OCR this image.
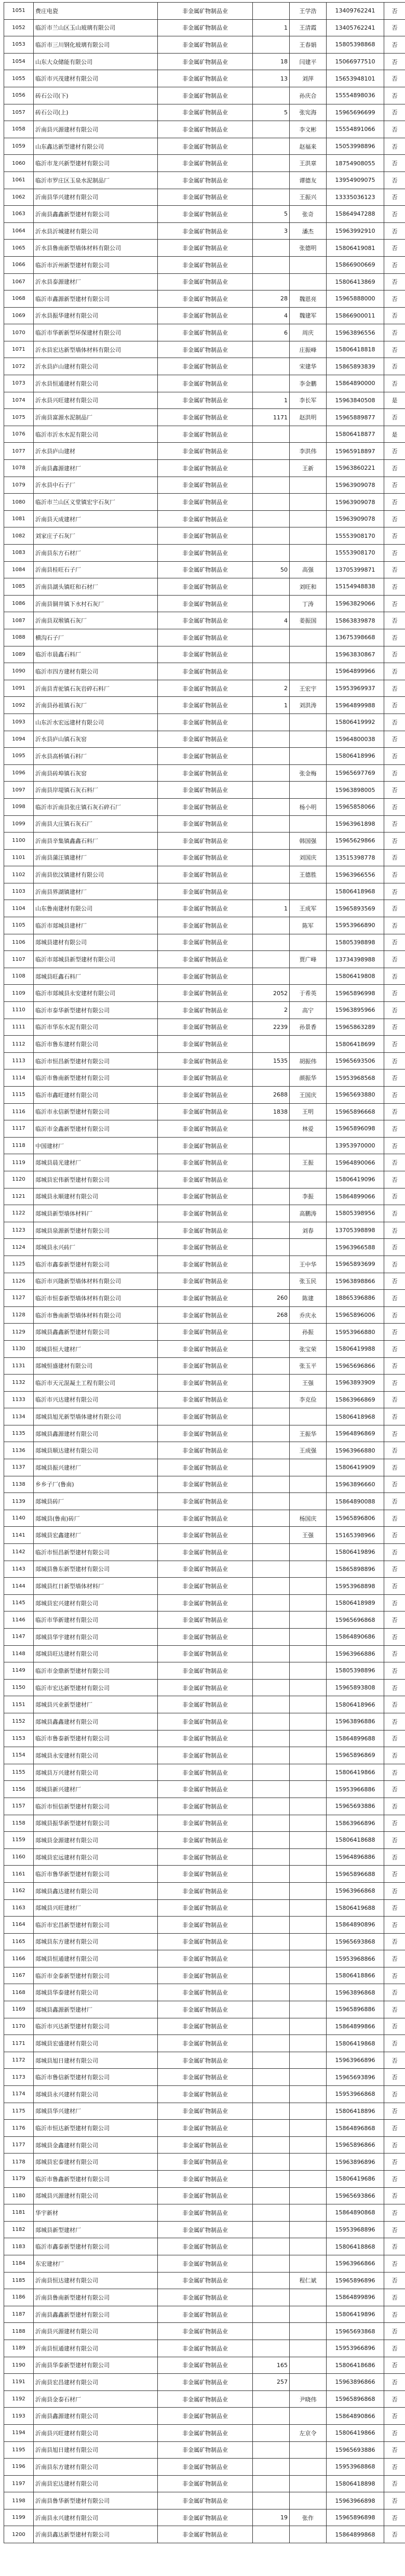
1051	费庄电瓷	非金属矿物制品业		王学浩	13409762241	否
1052	临沂市兰山区玉山玻璃有限公司	非金属矿物制品业	1	王清霞	13405762241	否
1053	临沂市三川钢化玻璃有限公司	非金属矿物制品业		王春娟	15805398868	否
1054	山东大众储能有限公司	非金属矿物制品业	18	闫建平	15066977510	否
1055	临沂市兴茂建材有限公司	非金属矿物制品业	13	刘萍	15653948101	否
1056	砖石公司(下)	非金属矿物制品业		孙庆合	15554898036	否
1057	砖石公司(上)	非金属矿物制品业	5	张宪海	15965696699	否
1058	沂南县兴源建材有限公司	非金属矿物制品业		李文彬	15554891066	否
1059	山东鑫达新型建材有限公司	非金属矿物制品业		赵福来	15053998896	否
1060	临沂市龙兴新型建材有限公司	非金属矿物制品业		王洪章	18754908055	否
1061	临沂市罗庄区玉泉水泥制品厂	非金属矿物制品业		谭德友	13954909075	否
1062	沂南县华兴建材有限公司	非金属矿物制品业		王振兴	13335036123	否
1063	沂南县鑫鑫新型建材有限公司	非金属矿物制品业	5	张奇	15864947288	否
1064	沂水县沂城建材有限公司	非金属矿物制品业	3	潘杰	15963992910	否
1065	沂水县鲁南新型墙体材料有限公司	非金属矿物制品业		张德明	15806419081	否
1066	临沂市沂州新型建材有限公司	非金属矿物制品业			15866900669	否
1067	沂水县泰源建材厂	非金属矿物制品业			15806413869	否
1068	临沂市鑫源新型建材有限公司	非金属矿物制品业	28	魏恩亮	15965888000	否
1069	沂水县振华建材有限公司	非金属矿物制品业	4	魏建军	15866900011	否
1070	临沂市华新新型环保建材有限公司	非金属矿物制品业	6	周庆	15963896556	否
1071	沂水县宏达新型墙体材料有限公司	非金属矿物制品业		庄振峰	15806418818	否
1072	沂水县庐山建材有限公司	非金属矿物制品业		宋建华	15865893839	否
1073	沂水县恒通建材有限公司	非金属矿物制品业		李金鹏	15864890000	否
1074	沂水县兴旺建材有限公司	非金属矿物制品业	1	李长军	15963840508	是
1075	沂南县富源水泥制品厂	非金属矿物制品业	1171	赵洪明	15965889877	否
1076	临沂市沂水水泥有限公司	非金属矿物制品业			15806418877	是
1077	沂水县庐山建材	非金属矿物制品业		李洪伟	15965918897	否
1078	沂南县鑫源建材厂	非金属矿物制品业		王新	15963860221	否
1079	沂水县中石子厂	非金属矿物制品业			15963909078	否
1080	临沂市兰山区义堂镇宏宇石灰厂	非金属矿物制品业			15963909078	否
1081	沂南县天成建材厂	非金属矿物制品业			15963909078	否
1082	刘家庄子石灰厂	非金属矿物制品业			15553908170	否
1083	沂南县东方石材厂	非金属矿物制品业			15553908170	否
1084	沂南县桂旺石子厂	非金属矿物制品业	50	高强	13705399871	否
1085	沂南县湖头镇旺和石材厂	非金属矿物制品业		刘旺和	15154948838	否
1086	沂南县铜井镇下水村石灰厂	非金属矿物制品业		丁涛	15963829066	否
1087	沂南县双堠镇石灰厂	非金属矿物制品业	4	姜振国	15863839878	否
1088	横沟石子厂	非金属矿物制品业			13675398668	否
1089	临沂市晨鑫石料厂	非金属矿物制品业			15963830867	否
1090	临沂市四方建材有限公司	非金属矿物制品业			15964899966	否
1091	沂南县青驼镇石灰岩碎石料厂	非金属矿物制品业	2	王宏宇	15953969937	否
1092	沂南县孙祖镇石灰厂	非金属矿物制品业	1	刘洪涛	15964899988	否
1093	山东沂水宏远建材有限公司	非金属矿物制品业			15806419992	否
1094	沂水县庐山镇石灰窑	非金属矿物制品业			15964800038	否
1095	沂水县高桥镇石料厂	非金属矿物制品业			15806418996	否
1096	沂南县砖埠镇石灰窑	非金属矿物制品业		张金梅	15965697769	否
1097	沂南县岸堤镇石灰石料厂	非金属矿物制品业			15963898005	否
1098	临沂市沂南县张庄镇石灰石碎石厂	非金属矿物制品业		杨小明	15965858066	否
1099	沂南县大庄镇石灰石厂	非金属矿物制品业			15963961898	否
1100	沂南县辛集镇鑫鑫石料厂	非金属矿物制品业		韩国强	15965629866	否
1101	沂南县蒲汪镇建材厂	非金属矿物制品业		刘国庆	13515398778	否
1102	沂南县依汶镇建材有限公司	非金属矿物制品业		王德胜	15963966556	否
1103	沂南县界湖镇建材厂	非金属矿物制品业			15806418968	否
1104	山东鲁南建材有限公司	非金属矿物制品业	1	王成军	15965893569	否
1105	临沂市郯城县建材厂	非金属矿物制品业		陈军	15953966890	否
1106	郯城县建材有限公司	非金属矿物制品业			15805398898	否
1107	临沂市郯城县新型建材有限公司	非金属矿物制品业		贾广峰	13734398988	否
1108	郯城县旺鑫石料厂	非金属矿物制品业			15806419808	否
1109	临沂市郯城县永安建材有限公司	非金属矿物制品业	2052	于希英	15965896998	否
1110	临沂市泰华新型建材有限公司	非金属矿物制品业	2	高宁	15963895966	否
1111	临沂市华东水泥有限公司	非金属矿物制品业	2239	孙景香	15965863289	否
1112	临沂市鲁东建材有限公司	非金属矿物制品业			15806418699	否
1113	临沂市恒昌新型建材有限公司	非金属矿物制品业	1535	胡振伟	15965693506	否
1114	临沂市鲁南新型建材有限公司	非金属矿物制品业		颜振华	15953968568	否
1115	临沂市鑫旺建材有限公司	非金属矿物制品业	2688	王国庆	15965693880	否
1116	临沂市永信新型建材有限公司	非金属矿物制品业	1838	王明	15965896668	否
1117	临沂市金鑫新型建材有限公司	非金属矿物制品业		林爱	15965896098	否
1118	中国建材厂	非金属矿物制品业			13953970000	否
1119	郯城县晨光建材厂	非金属矿物制品业		王振	15964890066	否
1120	郯城县宏伟新型建材有限公司	非金属矿物制品业			15806419096	否
1121	郯城县永顺建材有限公司	非金属矿物制品业		李振	15864899066	否
1122	郯城县新型墙体材料厂	非金属矿物制品业		高鹏涛	15805398956	否
1123	郯城县泉源新型建材有限公司	非金属矿物制品业		刘春	13705398898	否
1124	郯城县永兴砖厂	非金属矿物制品业			15963966588	否
1125	临沂市鑫泰新型建材有限公司	非金属矿物制品业		王中华	15965893699	否
1126	临沂市兴隆新型墙体材料有限公司	非金属矿物制品业		张玉民	15963898866	否
1127	临沂市恒泰新型墙体材料有限公司	非金属矿物制品业	260	陈建	18865396886	否
1128	临沂市鲁南新型墙体材料有限公司	非金属矿物制品业	268	乔庆永	15965896006	否
1129	郯城县鑫鑫新型建材有限公司	非金属矿物制品业		孙振	15953966880	否
1130	郯城县恒大建材厂	非金属矿物制品业		张宝荣	15806419988	否
1131	郯城恒盛建材有限公司	非金属矿物制品业		张玉平	15965696866	否
1132	临沂市天元混凝土工程有限公司	非金属矿物制品业		王强	15963893909	否
1133	临沂市兴达建材有限公司	非金属矿物制品业		李克俭	15863966869	否
1134	郯城县旭光新型墙体建材有限公司	非金属矿物制品业			15806418968	否
1135	郯城县鑫源建材有限公司	非金属矿物制品业		王振华	15964896869	否
1136	郯城县顺达建材有限公司	非金属矿物制品业		王成强	15963966880	否
1137	郯城县振兴建材厂	非金属矿物制品业			15806419909	否
1138	乡乡子厂(鲁南)	非金属矿物制品业			15963896660	否
1139	郯城县砖厂	非金属矿物制品业			15864890088	否
1140	郯城县(鲁南)砖厂	非金属矿物制品业		杨国庆	15965896806	否
1141	郯城县宏鑫建材厂	非金属矿物制品业		王强	15165398966	否
1142	临沂市恒昌新型建材有限公司	非金属矿物制品业			15806419896	否
1143	郯城县鲁东新型建材有限公司	非金属矿物制品业			15865898896	否
1144	郯城县红日新型墙体材料厂	非金属矿物制品业			15953968898	否
1145	郯城县宏兴建材有限公司	非金属矿物制品业			15806418989	否
1146	临沂市华新建材有限公司	非金属矿物制品业			15965696868	否
1147	郯城县华宇建材有限公司	非金属矿物制品业			15864890686	否
1148	郯城县旺达建材有限公司	非金属矿物制品业			15963966886	否
1149	临沂市金鼎新型建材有限公司	非金属矿物制品业			15805398896	否
1150	临沂市宏达新型建材有限公司	非金属矿物制品业			15965893808	否
1151	郯城县兴业新型建材厂	非金属矿物制品业			15806418966	否
1152	郯城县鑫鑫建材有限公司	非金属矿物制品业			15963896886	否
1153	临沂市鲁泰新型建材有限公司	非金属矿物制品业			15864899688	否
1154	郯城县永安建材有限公司	非金属矿物制品业			15965896869	否
1155	郯城县万兴建材有限公司	非金属矿物制品业			15806419866	否
1156	郯城县新兴建材厂	非金属矿物制品业			15953966886	否
1157	临沂市恒信新型建材有限公司	非金属矿物制品业			15965693886	否
1158	郯城县振华新型建材有限公司	非金属矿物制品业			15863966896	否
1159	郯城县金源建材有限公司	非金属矿物制品业			15806418688	否
1160	郯城县宏远建材有限公司	非金属矿物制品业			15964896886	否
1161	临沂市鲁华新型建材有限公司	非金属矿物制品业			15965896688	否
1162	郯城县鑫达建材有限公司	非金属矿物制品业			15963966868	否
1163	郯城县兴旺建材厂	非金属矿物制品业			15806419688	否
1164	临沂市宏昌新型建材有限公司	非金属矿物制品业			15864890896	否
1165	郯城县东方建材有限公司	非金属矿物制品业			15965693868	否
1166	郯城县恒通建材有限公司	非金属矿物制品业			15953968866	否
1167	临沂市金泰新型建材有限公司	非金属矿物制品业			15806418866	否
1168	郯城县华泰建材有限公司	非金属矿物制品业			15963896868	否
1169	郯城县鑫源新型建材厂	非金属矿物制品业			15965896886	否
1170	临沂市兴达新型建材有限公司	非金属矿物制品业			15864899866	否
1171	郯城县宏盛建材有限公司	非金属矿物制品业			15806419868	否
1172	郯城县旭日建材有限公司	非金属矿物制品业			15963966896	否
1173	临沂市鲁信新型建材有限公司	非金属矿物制品业			15965693896	否
1174	郯城县永兴建材有限公司	非金属矿物制品业			15953966868	否
1175	郯城县华兴建材厂	非金属矿物制品业			15806418896	否
1176	临沂市恒达新型建材有限公司	非金属矿物制品业			15864896868	否
1177	郯城县金鑫建材有限公司	非金属矿物制品业			15965896866	否
1178	郯城县宏泰建材有限公司	非金属矿物制品业			15963896896	否
1179	临沂市鲁鑫新型建材有限公司	非金属矿物制品业			15806419686	否
1180	郯城县兴源建材有限公司	非金属矿物制品业			15965693866	否
1181	华宇新材	非金属矿物制品业			15864890868	否
1182	郯城县新型建材厂	非金属矿物制品业			15953968896	否
1183	临沂市鑫泰新型建材有限公司	非金属矿物制品业			15806418868	否
1184	东宏建材厂	非金属矿物制品业			15963966866	否
1185	沂南县恒达建材有限公司	非金属矿物制品业		程仁斌	15965896896	否
1186	沂南县鲁南新型建材有限公司	非金属矿物制品业			15864899896	否
1187	沂南县鑫鑫新型建材有限公司	非金属矿物制品业			15806419896	否
1188	沂南县兴源建材有限公司	非金属矿物制品业			15965693868	否
1189	沂南县恒通建材有限公司	非金属矿物制品业			15953966896	否
1190	沂南县华泰新型建材有限公司	非金属矿物制品业	165		15806418686	否
1191	沂南县宏昌建材有限公司	非金属矿物制品业	257		15963896866	否
1192	沂南县金泰石材厂	非金属矿物制品业		尹晓伟	15965896868	否
1193	沂南县鑫源建材有限公司	非金属矿物制品业			15864890866	否
1194	沂南县兴旺建材有限公司	非金属矿物制品业		左京令	15806419866	否
1195	沂南县旭日建材有限公司	非金属矿物制品业			15965693886	否
1196	沂南县东方建材有限公司	非金属矿物制品业			15953968868	否
1197	沂南县宏达建材有限公司	非金属矿物制品业			15806418898	否
1198	沂南县鲁华新型建材有限公司	非金属矿物制品业			15963966898	否
1199	沂南县永兴建材有限公司	非金属矿物制品业	19	张作	15965896898	否
1200	沂南县鑫达新型建材有限公司	非金属矿物制品业			15864899868	否
